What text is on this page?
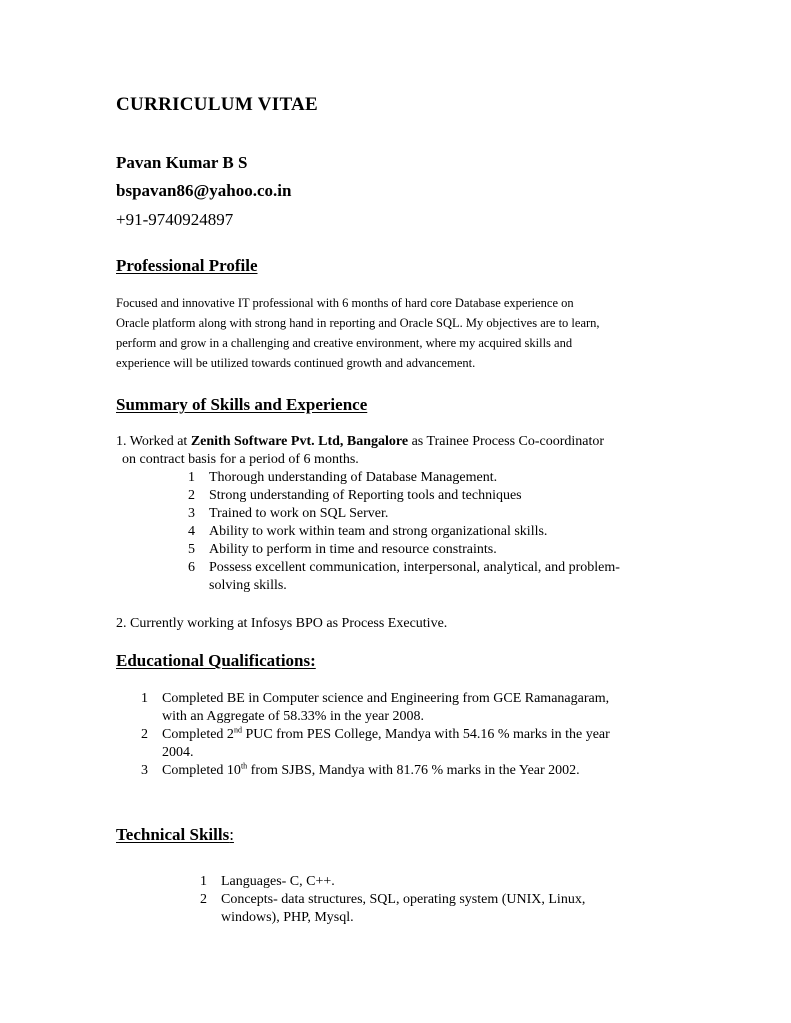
CURRICULUM VITAE
Pavan Kumar B S
bspavan86@yahoo.co.in
+91-9740924897
Professional Profile
Focused and innovative IT professional with 6 months of hard core Database experience on
Oracle platform along with strong hand in reporting and Oracle SQL. My objectives are to learn,
perform and grow in a challenging and creative environment, where my acquired skills and
experience will be utilized towards continued growth and advancement.
Summary of Skills and Experience
1. Worked at Zenith Software Pvt. Ltd, Bangalore as Trainee Process Co-coordinator
on contract basis for a period of 6 months.
1 Thorough understanding of Database Management.
2 Strong understanding of Reporting tools and techniques
3 Trained to work on SQL Server.
4 Ability to work within team and strong organizational skills.
5 Ability to perform in time and resource constraints.
6 Possess excellent communication, interpersonal, analytical, and problem-
solving skills.
2. Currently working at Infosys BPO as Process Executive.
Educational Qualifications:
1 Completed BE in Computer science and Engineering from GCE Ramanagaram,
with an Aggregate of 58.33% in the year 2008.
2 Completed 2nd PUC from PES College, Mandya with 54.16 % marks in the year
2004.
3 Completed 10th from SJBS, Mandya with 81.76 % marks in the Year 2002.
Technical Skills:
1 Languages- C, C++.
2 Concepts- data structures, SQL, operating system (UNIX, Linux,
windows), PHP, Mysql.
